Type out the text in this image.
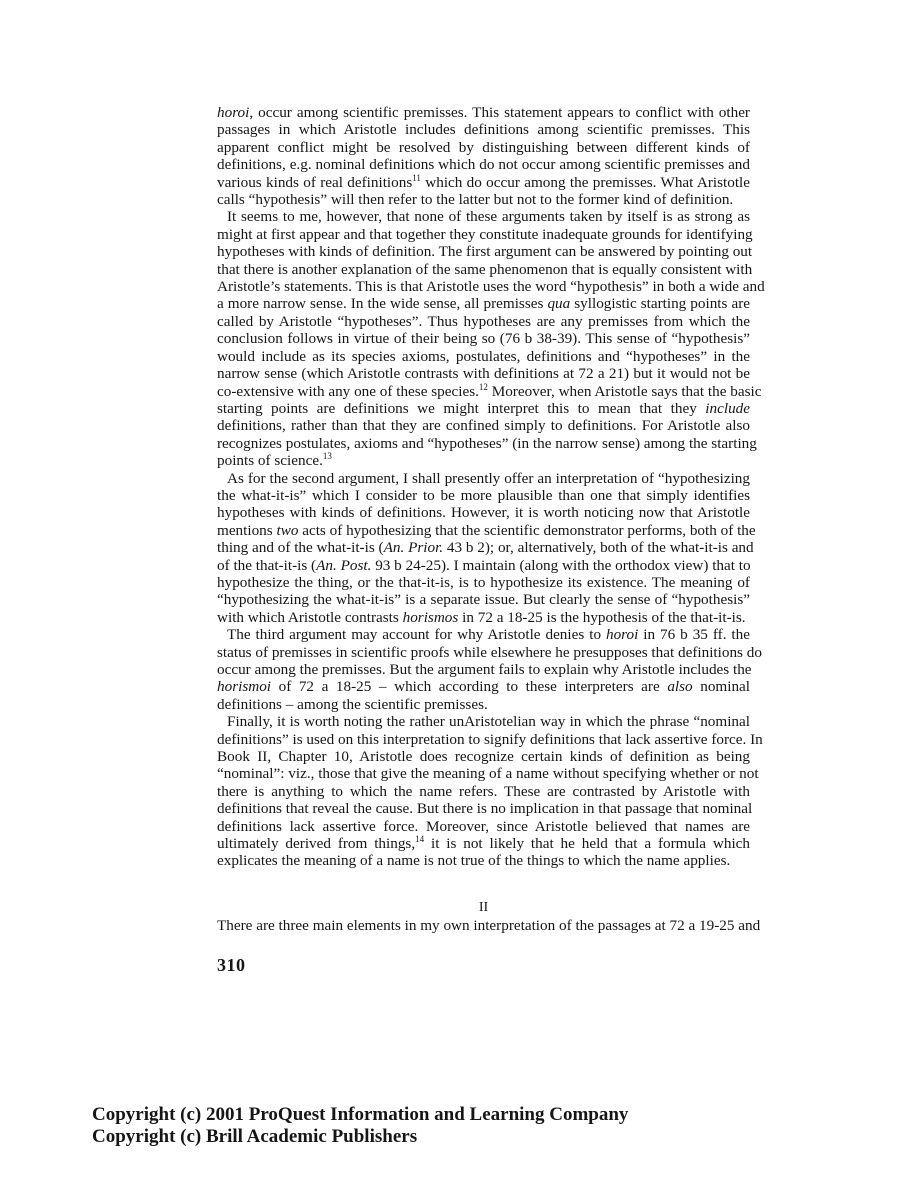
horoi, occur among scientific premisses. This statement appears to conflict with other
passages in which Aristotle includes definitions among scientific premisses. This
apparent conflict might be resolved by distinguishing between different kinds of
definitions, e.g. nominal definitions which do not occur among scientific premisses and
various kinds of real definitions$^{11}$ which do occur among the premisses. What Aristotle
calls “hypothesis” will then refer to the latter but not to the former kind of definition.
It seems to me, however, that none of these arguments taken by itself is as strong as
might at first appear and that together they constitute inadequate grounds for identifying
hypotheses with kinds of definition. The first argument can be answered by pointing out
that there is another explanation of the same phenomenon that is equally consistent with
Aristotle’s statements. This is that Aristotle uses the word “hypothesis” in both a wide and
a more narrow sense. In the wide sense, all premisses qua syllogistic starting points are
called by Aristotle “hypotheses”. Thus hypotheses are any premisses from which the
conclusion follows in virtue of their being so (76 b 38-39). This sense of “hypothesis”
would include as its species axioms, postulates, definitions and “hypotheses” in the
narrow sense (which Aristotle contrasts with definitions at 72 a 21) but it would not be
co-extensive with any one of these species.$^{12}$ Moreover, when Aristotle says that the basic
starting points are definitions we might interpret this to mean that they include
definitions, rather than that they are confined simply to definitions. For Aristotle also
recognizes postulates, axioms and “hypotheses” (in the narrow sense) among the starting
points of science.$^{13}$
As for the second argument, I shall presently offer an interpretation of “hypothesizing
the what-it-is” which I consider to be more plausible than one that simply identifies
hypotheses with kinds of definitions. However, it is worth noticing now that Aristotle
mentions two acts of hypothesizing that the scientific demonstrator performs, both of the
thing and of the what-it-is (An. Prior. 43 b 2); or, alternatively, both of the what-it-is and
of the that-it-is (An. Post. 93 b 24-25). I maintain (along with the orthodox view) that to
hypothesize the thing, or the that-it-is, is to hypothesize its existence. The meaning of
“hypothesizing the what-it-is” is a separate issue. But clearly the sense of “hypothesis”
with which Aristotle contrasts horismos in 72 a 18-25 is the hypothesis of the that-it-is.
The third argument may account for why Aristotle denies to horoi in 76 b 35 ff. the
status of premisses in scientific proofs while elsewhere he presupposes that definitions do
occur among the premisses. But the argument fails to explain why Aristotle includes the
horismoi of 72 a 18-25 – which according to these interpreters are also nominal
definitions – among the scientific premisses.
Finally, it is worth noting the rather unAristotelian way in which the phrase “nominal
definitions” is used on this interpretation to signify definitions that lack assertive force. In
Book II, Chapter 10, Aristotle does recognize certain kinds of definition as being
“nominal”: viz., those that give the meaning of a name without specifying whether or not
there is anything to which the name refers. These are contrasted by Aristotle with
definitions that reveal the cause. But there is no implication in that passage that nominal
definitions lack assertive force. Moreover, since Aristotle believed that names are
ultimately derived from things,$^{14}$ it is not likely that he held that a formula which
explicates the meaning of a name is not true of the things to which the name applies.
II
There are three main elements in my own interpretation of the passages at 72 a 19-25 and
310
Copyright (c) 2001 ProQuest Information and Learning Company
Copyright (c) Brill Academic Publishers
